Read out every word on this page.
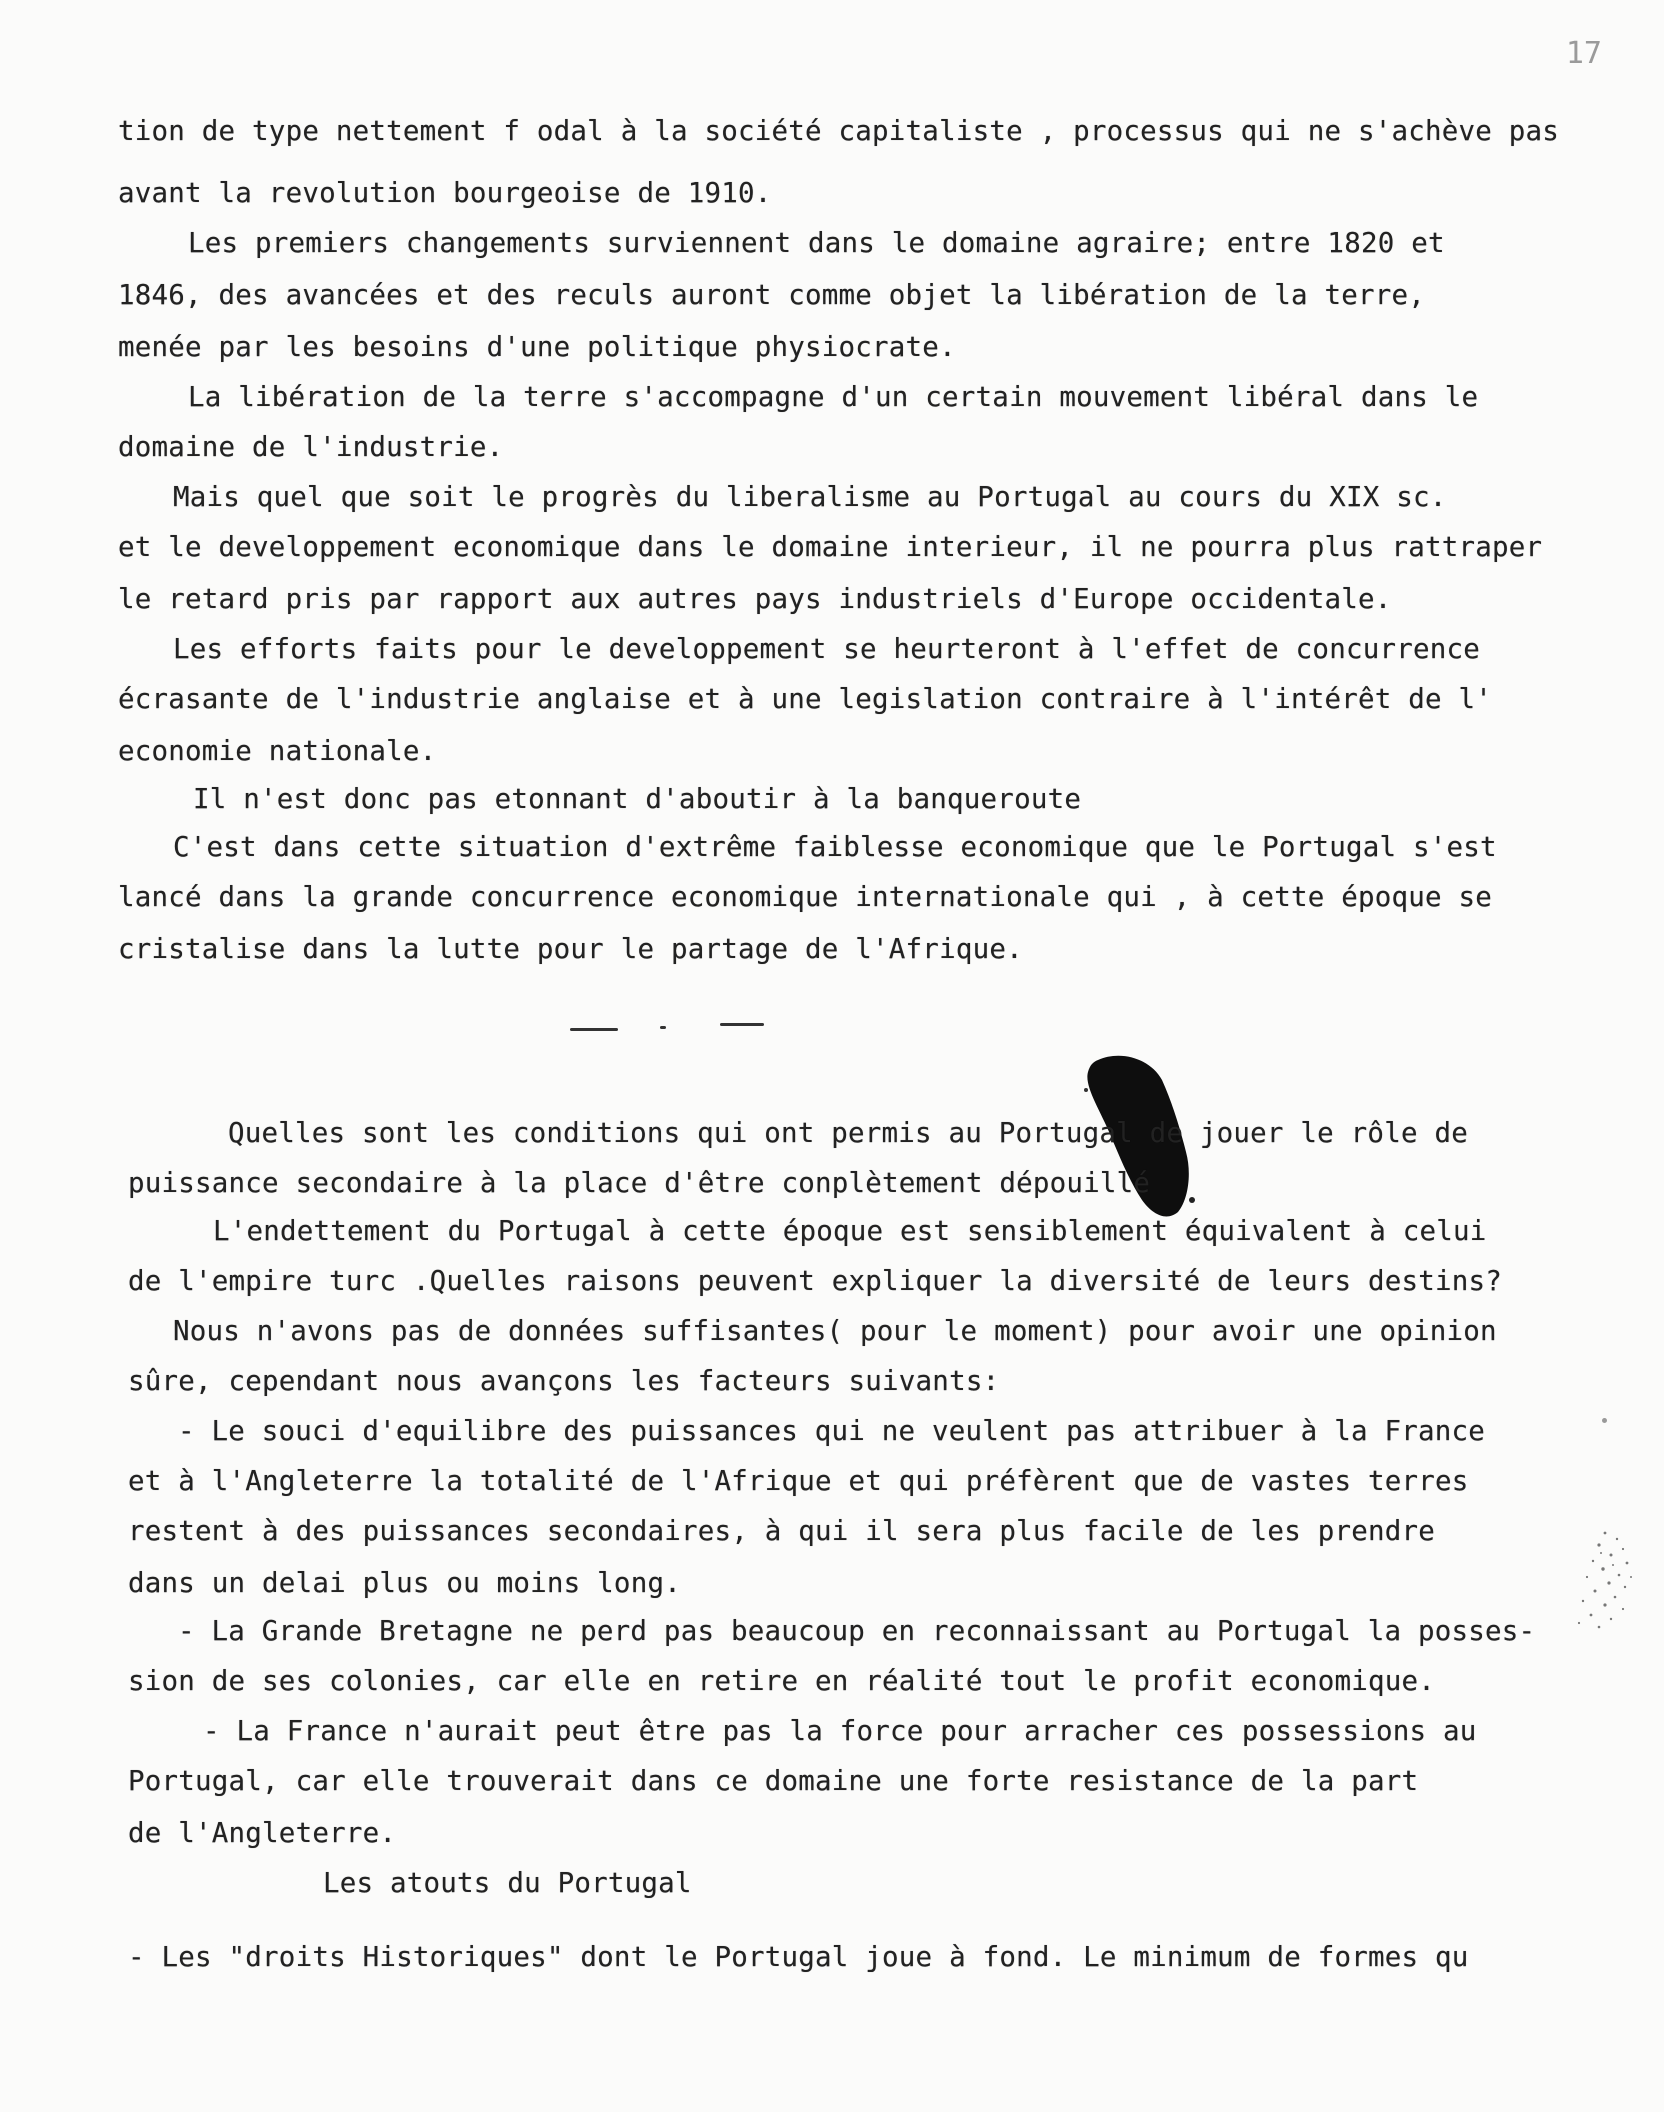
17
tion de type nettement f odal à la société capitaliste , processus qui ne s'achève pas
avant la revolution bourgeoise de 1910.
Les premiers changements surviennent dans le domaine agraire; entre 1820 et
1846, des avancées et des reculs auront comme objet la libération de la terre,
menée par les besoins d'une politique physiocrate.
La libération de la terre s'accompagne d'un certain mouvement libéral dans le
domaine de l'industrie.
Mais quel que soit le progrès du liberalisme au Portugal au cours du XIX sc.
et le developpement economique dans le domaine interieur, il ne pourra plus rattraper
le retard pris par rapport aux autres pays industriels d'Europe occidentale.
Les efforts faits pour le developpement se heurteront à l'effet de concurrence
écrasante de l'industrie anglaise et à une legislation contraire à l'intérêt de l'
economie nationale.
Il n'est donc pas etonnant d'aboutir à la banqueroute
C'est dans cette situation d'extrême faiblesse economique que le Portugal s'est
lancé dans la grande concurrence economique internationale qui , à cette époque se
cristalise dans la lutte pour le partage de l'Afrique.
Quelles sont les conditions qui ont permis au Portugal de jouer le rôle de
puissance secondaire à la place d'être conplètement dépouillé
L'endettement du Portugal à cette époque est sensiblement équivalent à celui
de l'empire turc .Quelles raisons peuvent expliquer la diversité de leurs destins?
Nous n'avons pas de données suffisantes( pour le moment) pour avoir une opinion
sûre, cependant nous avançons les facteurs suivants:
- Le souci d'equilibre des puissances qui ne veulent pas attribuer à la France
et à l'Angleterre la totalité de l'Afrique et qui préfèrent que de vastes terres
restent à des puissances secondaires, à qui il sera plus facile de les prendre
dans un delai plus ou moins long.
- La Grande Bretagne ne perd pas beaucoup en reconnaissant au Portugal la posses-
sion de ses colonies, car elle en retire en réalité tout le profit economique.
- La France n'aurait peut être pas la force pour arracher ces possessions au
Portugal, car elle trouverait dans ce domaine une forte resistance de la part
de l'Angleterre.
Les atouts du Portugal
- Les "droits Historiques" dont le Portugal joue à fond. Le minimum de formes qu
